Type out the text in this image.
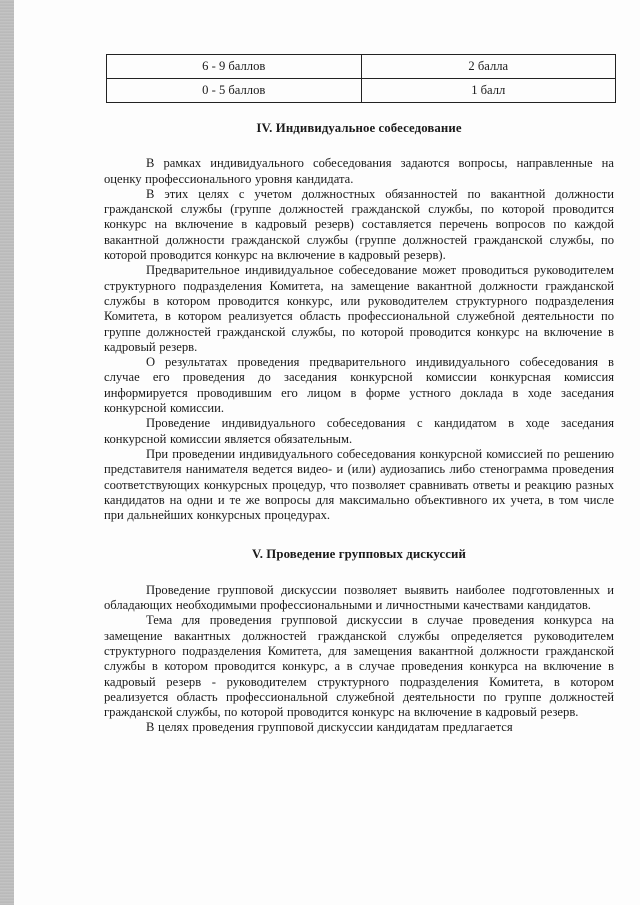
6 - 9 баллов	2 балла
0 - 5 баллов	1 балл
IV. Индивидуальное собеседование

В рамках индивидуального собеседования задаются вопросы, направленные на оценку профессионального уровня кандидата.

В этих целях с учетом должностных обязанностей по вакантной должности гражданской службы (группе должностей гражданской службы, по которой проводится конкурс на включение в кадровый резерв) составляется перечень вопросов по каждой вакантной должности гражданской службы (группе должностей гражданской службы, по которой проводится конкурс на включение в кадровый резерв).

Предварительное индивидуальное собеседование может проводиться руководителем структурного подразделения Комитета, на замещение вакантной должности гражданской службы в котором проводится конкурс, или руководителем структурного подразделения Комитета, в котором реализуется область профессиональной служебной деятельности по группе должностей гражданской службы, по которой проводится конкурс на включение в кадровый резерв.

О результатах проведения предварительного индивидуального собеседования в случае его проведения до заседания конкурсной комиссии конкурсная комиссия информируется проводившим его лицом в форме устного доклада в ходе заседания конкурсной комиссии.

Проведение индивидуального собеседования с кандидатом в ходе заседания конкурсной комиссии является обязательным.

При проведении индивидуального собеседования конкурсной комиссией по решению представителя нанимателя ведется видео- и (или) аудиозапись либо стенограмма проведения соответствующих конкурсных процедур, что позволяет сравнивать ответы и реакцию разных кандидатов на одни и те же вопросы для максимально объективного их учета, в том числе при дальнейших конкурсных процедурах.

V. Проведение групповых дискуссий

Проведение групповой дискуссии позволяет выявить наиболее подготовленных и обладающих необходимыми профессиональными и личностными качествами кандидатов.

Тема для проведения групповой дискуссии в случае проведения конкурса на замещение вакантных должностей гражданской службы определяется руководителем структурного подразделения Комитета, для замещения вакантной должности гражданской службы в котором проводится конкурс, а в случае проведения конкурса на включение в кадровый резерв - руководителем структурного подразделения Комитета, в котором реализуется область профессиональной служебной деятельности по группе должностей гражданской службы, по которой проводится конкурс на включение в кадровый резерв.

В целях проведения групповой дискуссии кандидатам предлагается
